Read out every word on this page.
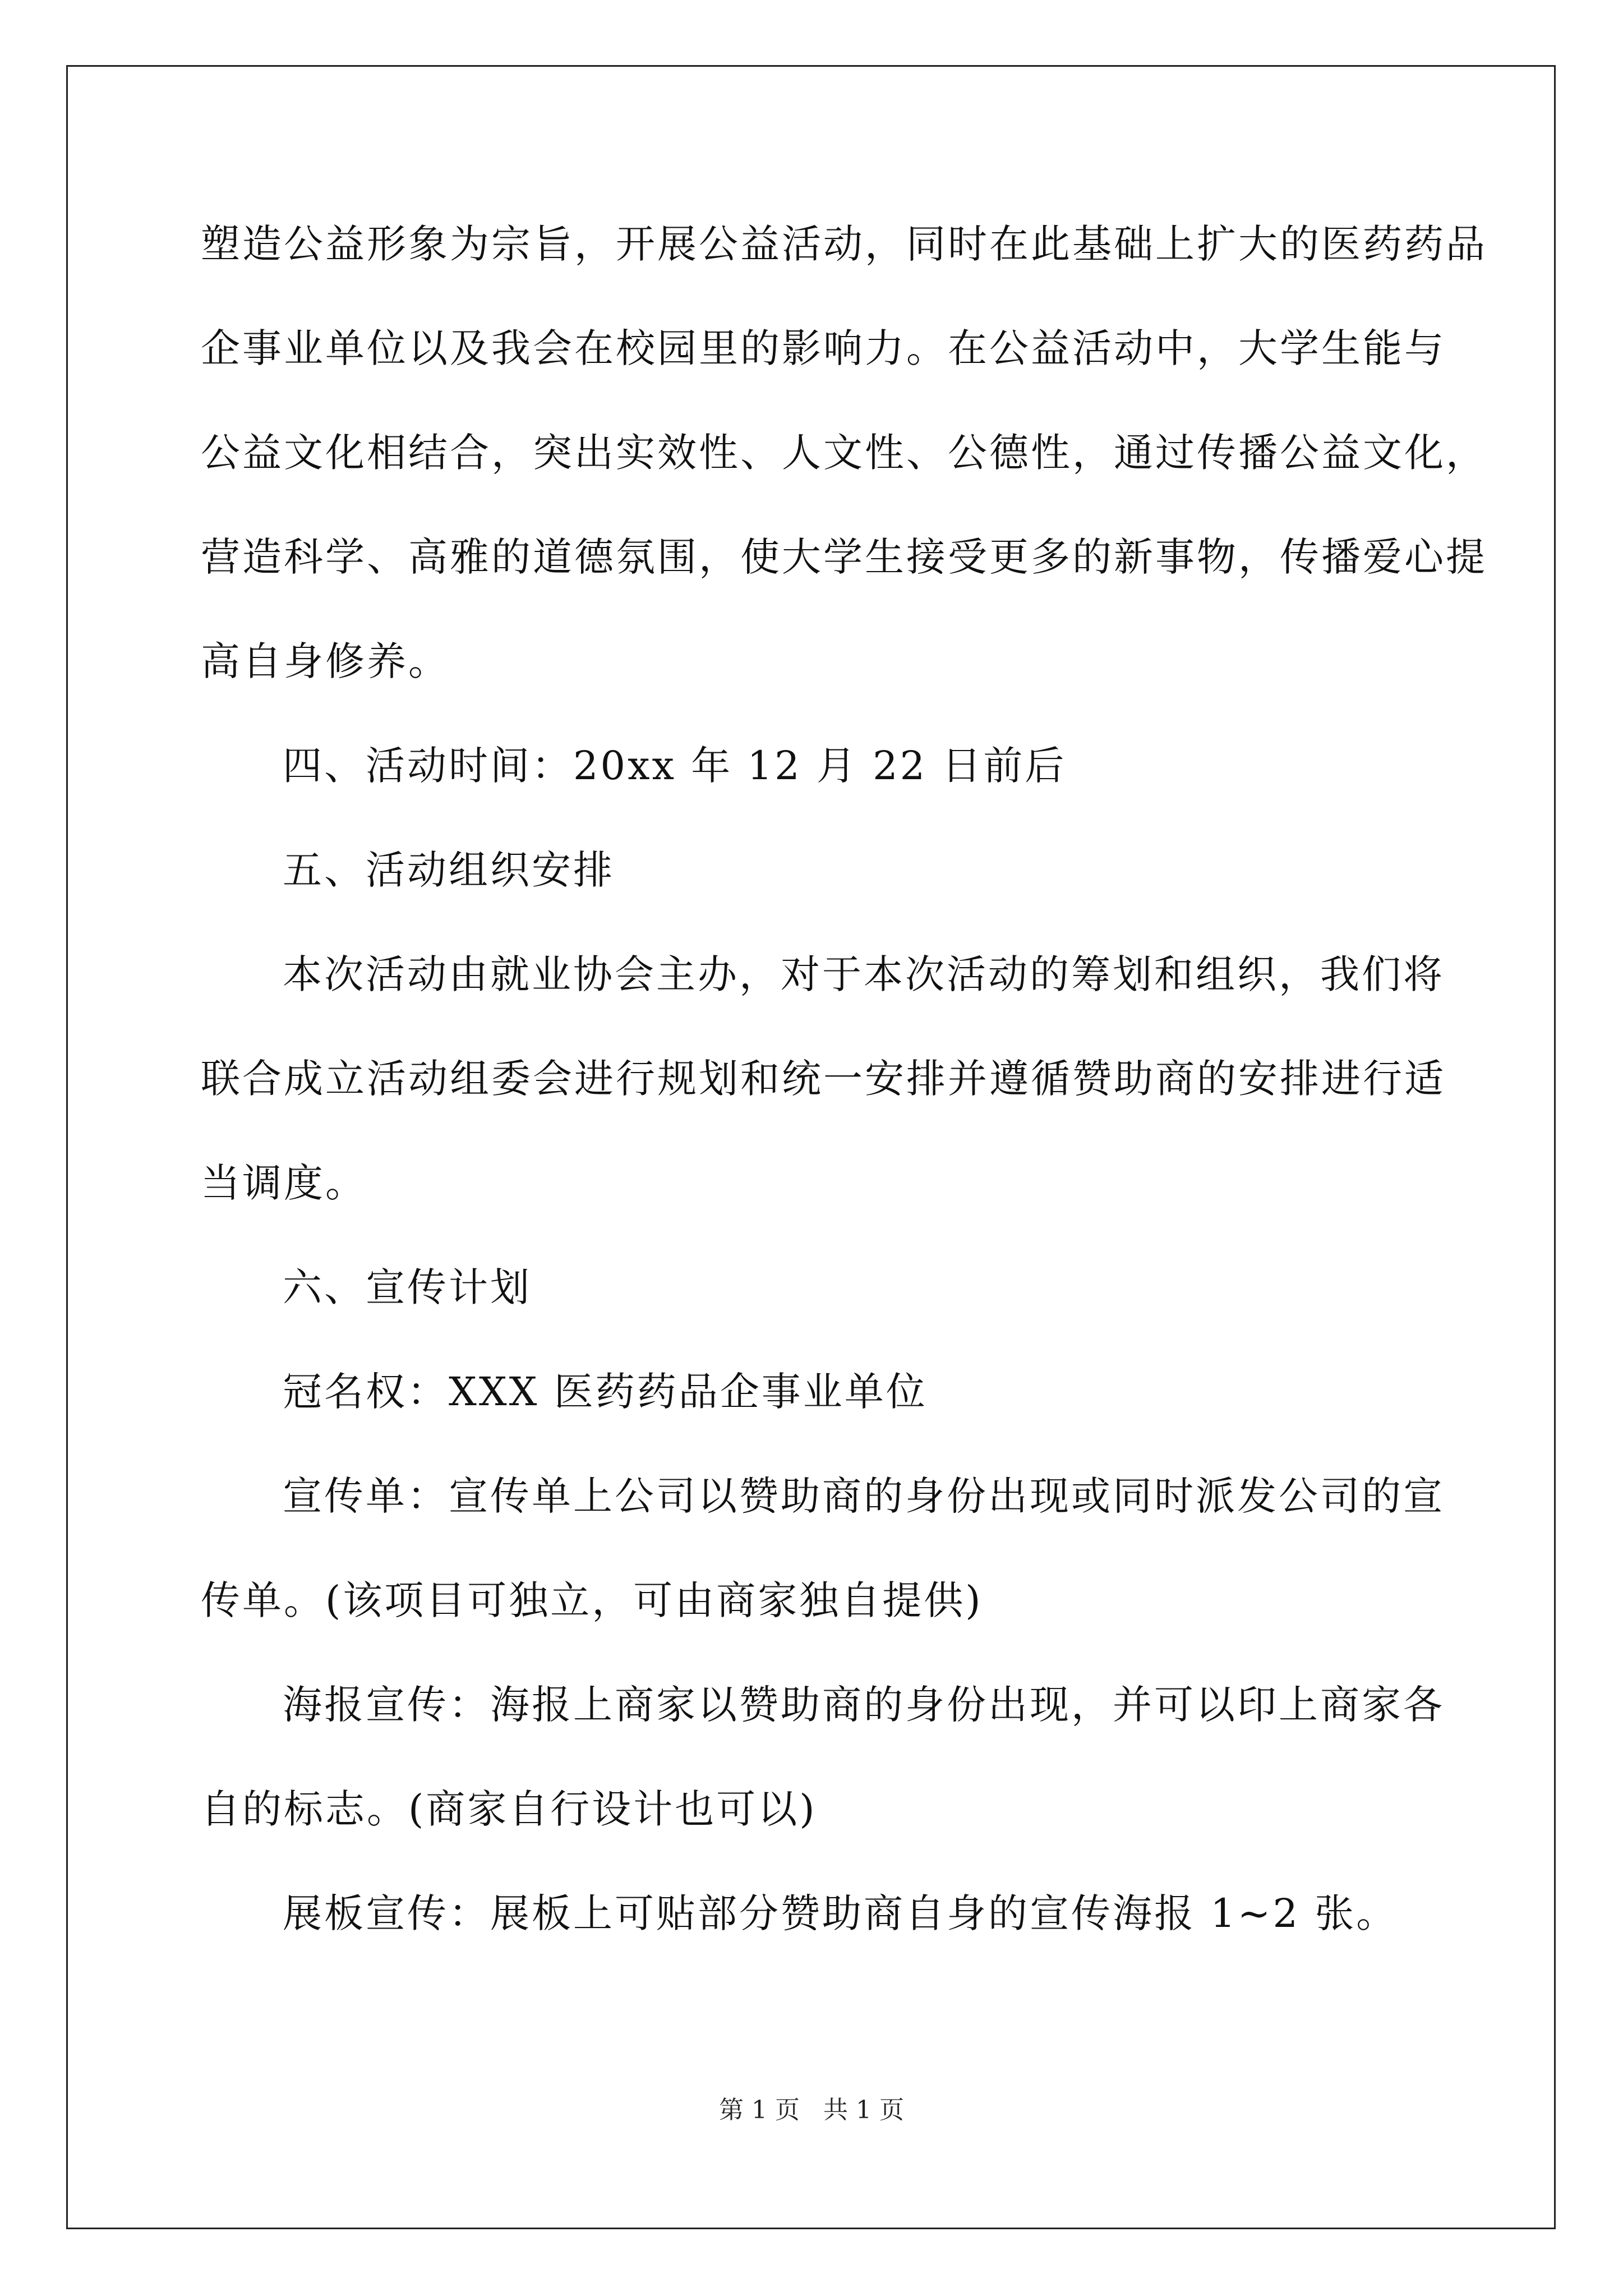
塑造公益形象为宗旨，开展公益活动，同时在此基础上扩大的医药药品
企事业单位以及我会在校园里的影响力。在公益活动中，大学生能与
公益文化相结合，突出实效性、人文性、公德性，通过传播公益文化，
营造科学、高雅的道德氛围，使大学生接受更多的新事物，传播爱心提
高自身修养。
四、活动时间：20xx 年 12 月 22 日前后
五、活动组织安排
本次活动由就业协会主办，对于本次活动的筹划和组织，我们将
联合成立活动组委会进行规划和统一安排并遵循赞助商的安排进行适
当调度。
六、宣传计划
冠名权：XXX 医药药品企事业单位
宣传单：宣传单上公司以赞助商的身份出现或同时派发公司的宣
传单。(该项目可独立，可由商家独自提供)
海报宣传：海报上商家以赞助商的身份出现，并可以印上商家各
自的标志。(商家自行设计也可以)
展板宣传：展板上可贴部分赞助商自身的宣传海报 1~2 张。
第 1 页 共 1 页
